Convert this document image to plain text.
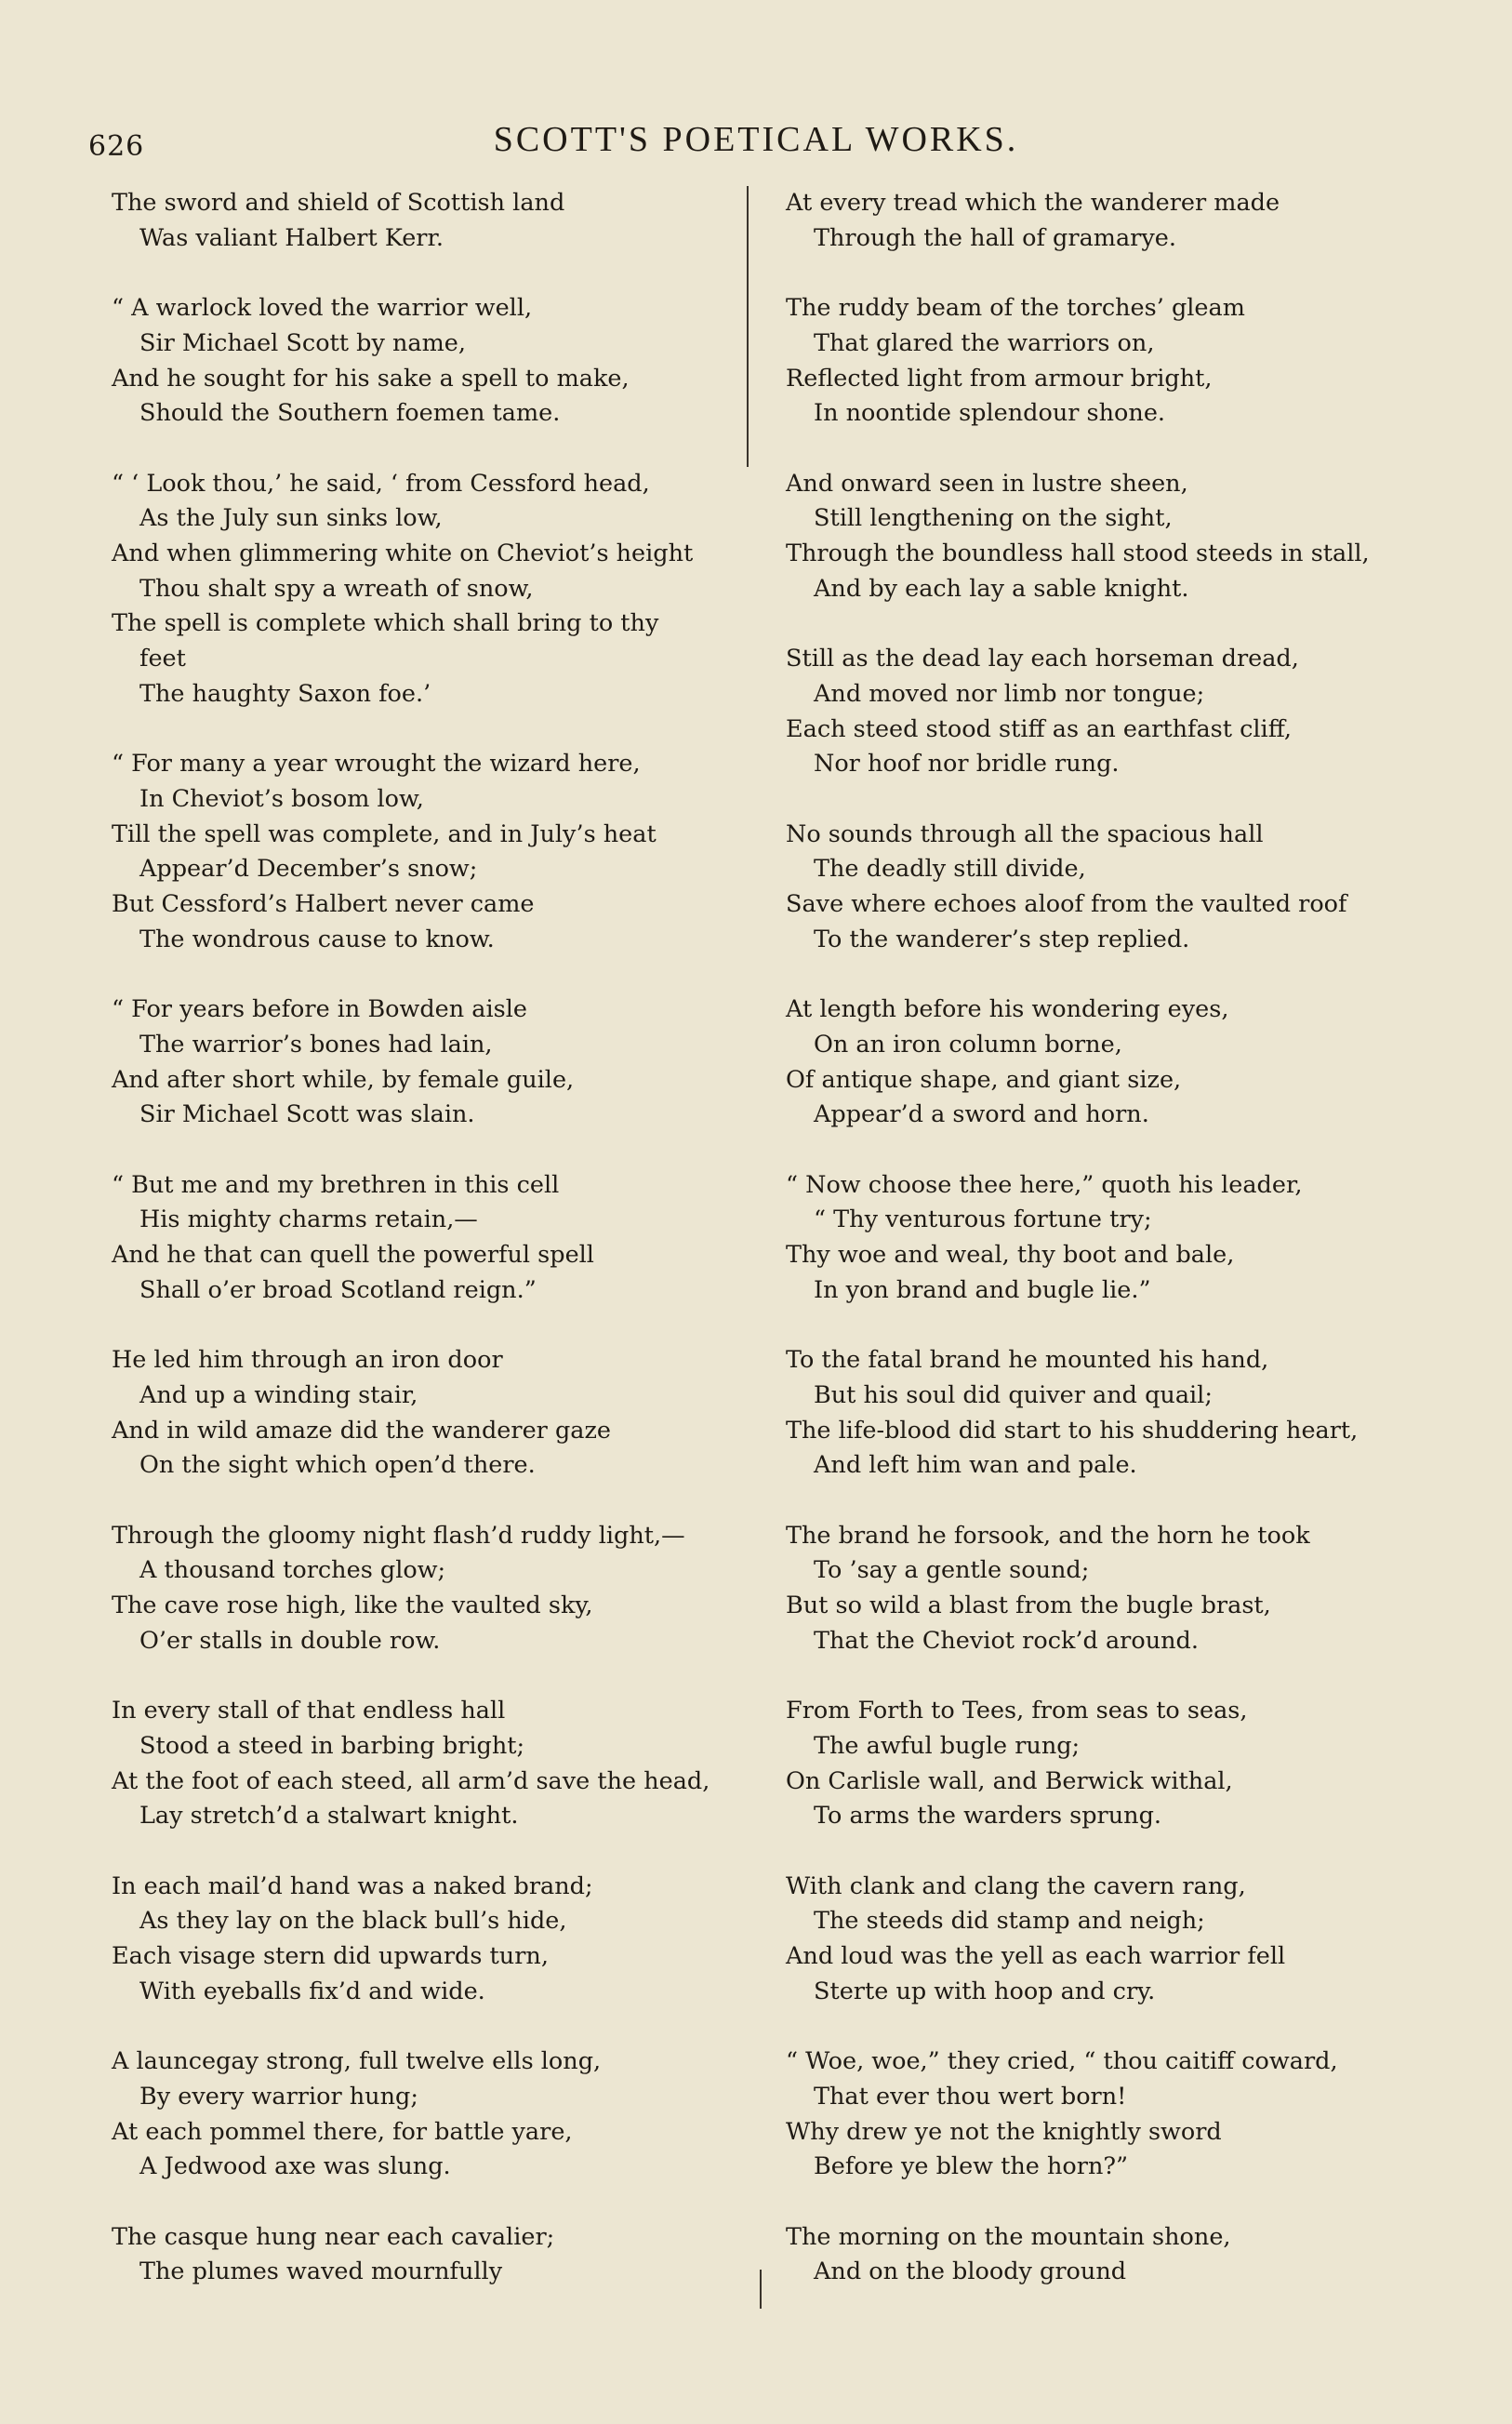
626	SCOTT'S POETICAL WORKS.
The sword and shield of Scottish land
Was valiant Halbert Kerr.
“ A warlock loved the warrior well,
Sir Michael Scott by name,
And he sought for his sake a spell to make,
Should the Southern foemen tame.
“ ‘ Look thou,’ he said, ‘ from Cessford head,
As the July sun sinks low,
And when glimmering white on Cheviot’s height
Thou shalt spy a wreath of snow,
The spell is complete which shall bring to thy
feet
The haughty Saxon foe.’
“ For many a year wrought the wizard here,
In Cheviot’s bosom low,
Till the spell was complete, and in July’s heat
Appear’d December’s snow;
But Cessford’s Halbert never came
The wondrous cause to know.
“ For years before in Bowden aisle
The warrior’s bones had lain,
And after short while, by female guile,
Sir Michael Scott was slain.
“ But me and my brethren in this cell
His mighty charms retain,—
And he that can quell the powerful spell
Shall o’er broad Scotland reign.”
He led him through an iron door
And up a winding stair,
And in wild amaze did the wanderer gaze
On the sight which open’d there.
Through the gloomy night flash’d ruddy light,—
A thousand torches glow;
The cave rose high, like the vaulted sky,
O’er stalls in double row.
In every stall of that endless hall
Stood a steed in barbing bright;
At the foot of each steed, all arm’d save the head,
Lay stretch’d a stalwart knight.
In each mail’d hand was a naked brand;
As they lay on the black bull’s hide,
Each visage stern did upwards turn,
With eyeballs fix’d and wide.
A launcegay strong, full twelve ells long,
By every warrior hung;
At each pommel there, for battle yare,
A Jedwood axe was slung.
The casque hung near each cavalier;
The plumes waved mournfully
At every tread which the wanderer made
Through the hall of gramarye.
The ruddy beam of the torches’ gleam
That glared the warriors on,
Reflected light from armour bright,
In noontide splendour shone.
And onward seen in lustre sheen,
Still lengthening on the sight,
Through the boundless hall stood steeds in stall,
And by each lay a sable knight.
Still as the dead lay each horseman dread,
And moved nor limb nor tongue;
Each steed stood stiff as an earthfast cliff,
Nor hoof nor bridle rung.
No sounds through all the spacious hall
The deadly still divide,
Save where echoes aloof from the vaulted roof
To the wanderer’s step replied.
At length before his wondering eyes,
On an iron column borne,
Of antique shape, and giant size,
Appear’d a sword and horn.
“ Now choose thee here,” quoth his leader,
“ Thy venturous fortune try;
Thy woe and weal, thy boot and bale,
In yon brand and bugle lie.”
To the fatal brand he mounted his hand,
But his soul did quiver and quail;
The life-blood did start to his shuddering heart,
And left him wan and pale.
The brand he forsook, and the horn he took
To ’say a gentle sound;
But so wild a blast from the bugle brast,
That the Cheviot rock’d around.
From Forth to Tees, from seas to seas,
The awful bugle rung;
On Carlisle wall, and Berwick withal,
To arms the warders sprung.
With clank and clang the cavern rang,
The steeds did stamp and neigh;
And loud was the yell as each warrior fell
Sterte up with hoop and cry.
“ Woe, woe,” they cried, “ thou caitiff coward,
That ever thou wert born!
Why drew ye not the knightly sword
Before ye blew the horn?”
The morning on the mountain shone,
And on the bloody ground
